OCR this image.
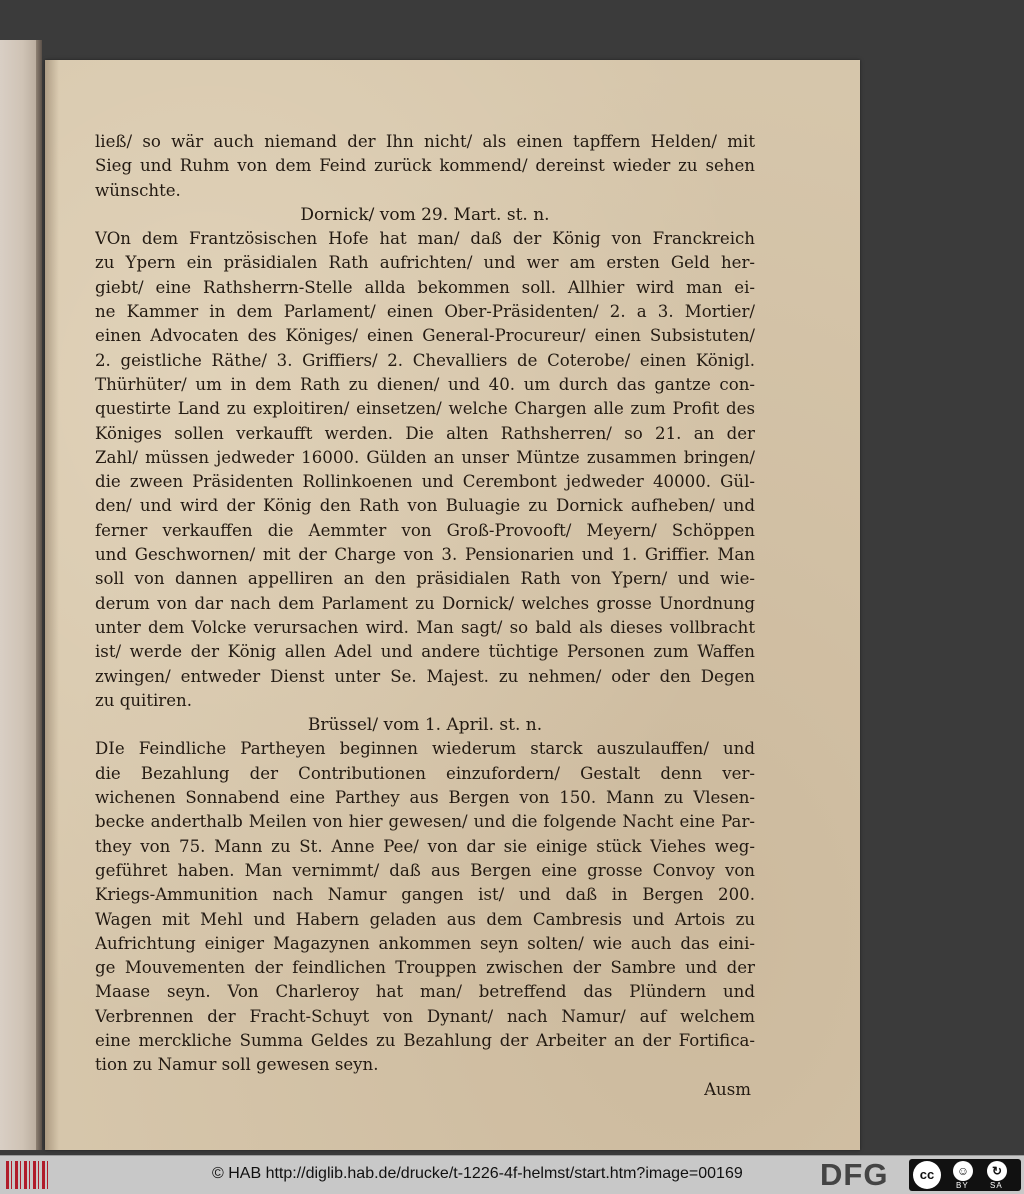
ließ/ so wär auch niemand der Ihn nicht/ als einen tapffern Helden/ mit
Sieg und Ruhm von dem Feind zurück kommend/ dereinst wieder zu sehen
wünschte.
Dornick/ vom 29. Mart. st. n.
VOn dem Frantzösischen Hofe hat man/ daß der König von Franckreich
zu Ypern ein präsidialen Rath aufrichten/ und wer am ersten Geld her-
giebt/ eine Rathsherrn-Stelle allda bekommen soll. Allhier wird man ei-
ne Kammer in dem Parlament/ einen Ober-Präsidenten/ 2. a 3. Mortier/
einen Advocaten des Königes/ einen General-Procureur/ einen Subsistuten/
2. geistliche Räthe/ 3. Griffiers/ 2. Chevalliers de Coterobe/ einen Königl.
Thürhüter/ um in dem Rath zu dienen/ und 40. um durch das gantze con-
questirte Land zu exploitiren/ einsetzen/ welche Chargen alle zum Profit des
Königes sollen verkaufft werden. Die alten Rathsherren/ so 21. an der
Zahl/ müssen jedweder 16000. Gülden an unser Müntze zusammen bringen/
die zween Präsidenten Rollinkoenen und Cerembont jedweder 40000. Gül-
den/ und wird der König den Rath von Buluagie zu Dornick aufheben/ und
ferner verkauffen die Aemmter von Groß-Provooft/ Meyern/ Schöppen
und Geschwornen/ mit der Charge von 3. Pensionarien und 1. Griffier. Man
soll von dannen appelliren an den präsidialen Rath von Ypern/ und wie-
derum von dar nach dem Parlament zu Dornick/ welches grosse Unordnung
unter dem Volcke verursachen wird. Man sagt/ so bald als dieses vollbracht
ist/ werde der König allen Adel und andere tüchtige Personen zum Waffen
zwingen/ entweder Dienst unter Se. Majest. zu nehmen/ oder den Degen
zu quitiren.
Brüssel/ vom 1. April. st. n.
DIe Feindliche Partheyen beginnen wiederum starck auszulauffen/ und
die Bezahlung der Contributionen einzufordern/ Gestalt denn ver-
wichenen Sonnabend eine Parthey aus Bergen von 150. Mann zu Vlesen-
becke anderthalb Meilen von hier gewesen/ und die folgende Nacht eine Par-
they von 75. Mann zu St. Anne Pee/ von dar sie einige stück Viehes weg-
geführet haben. Man vernimmt/ daß aus Bergen eine grosse Convoy von
Kriegs-Ammunition nach Namur gangen ist/ und daß in Bergen 200.
Wagen mit Mehl und Habern geladen aus dem Cambresis und Artois zu
Aufrichtung einiger Magazynen ankommen seyn solten/ wie auch das eini-
ge Mouvementen der feindlichen Trouppen zwischen der Sambre und der
Maase seyn. Von Charleroy hat man/ betreffend das Plündern und
Verbrennen der Fracht-Schuyt von Dynant/ nach Namur/ auf welchem
eine merckliche Summa Geldes zu Bezahlung der Arbeiter an der Fortifica-
tion zu Namur soll gewesen seyn.
Ausm
© HAB http://diglib.hab.de/drucke/t-1226-4f-helmst/start.htm?image=00169 DFG	cc	☺
BY
↻
SA
